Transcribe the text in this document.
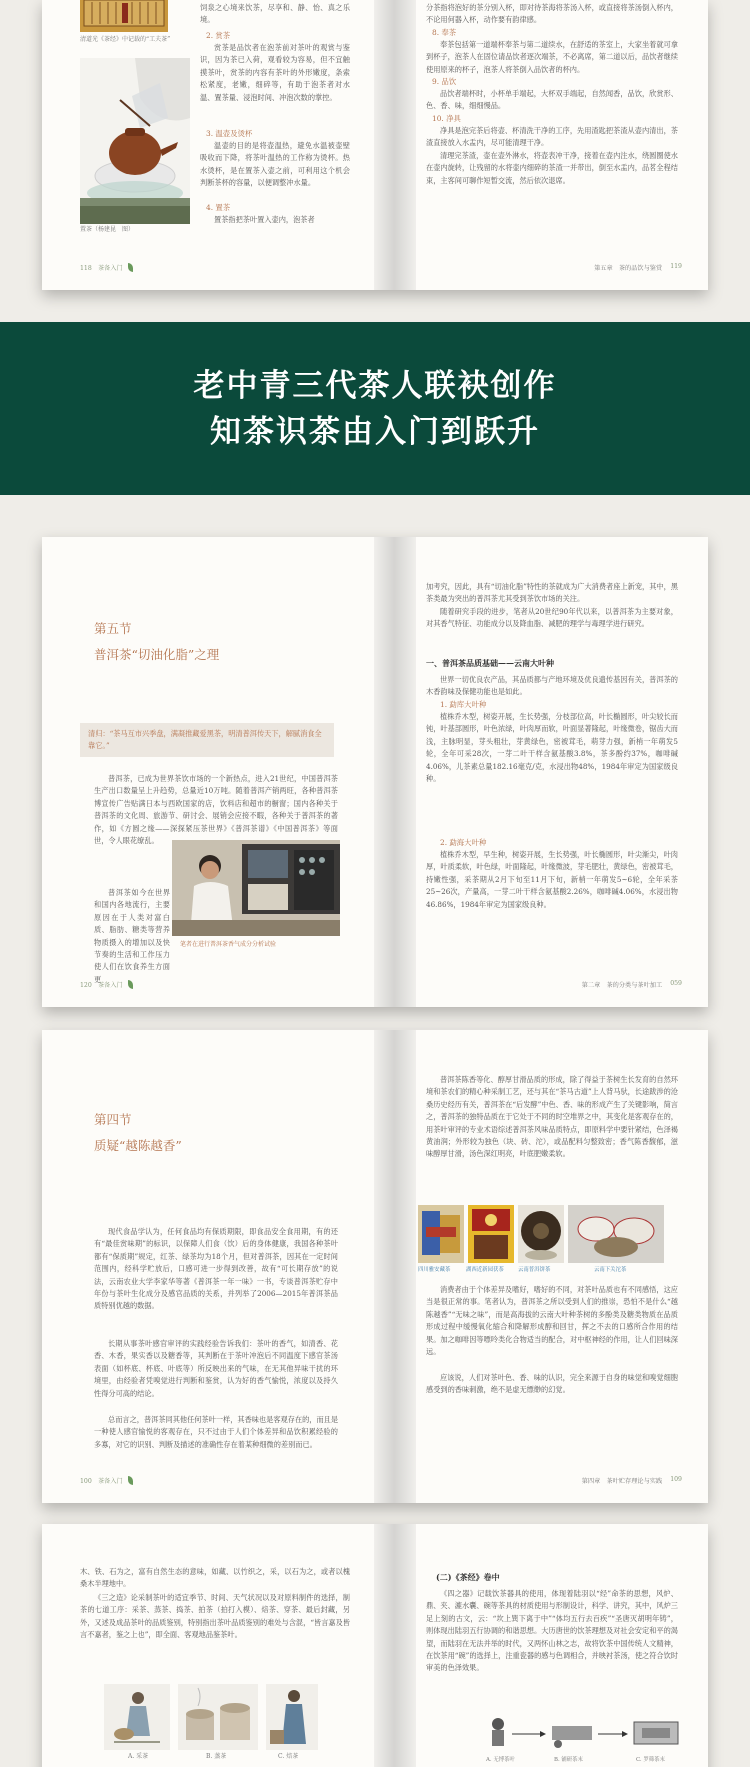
清道光《茶经》中记载的“工夫茶”
置茶（杨建昆　图）
饲泉之心境来饮茶，尽享和、静、怡、真之乐境。
2. 赏茶
赏茶是品饮者在泡茶前对茶叶的观赏与鉴识，因为茶已入荷，观看较为容易，但不宜触摸茶叶，赏茶的内容有茶叶的外形嫩度，条索松紧度，老嫩，细碎等，有助于泡茶者对水温、置茶量、浸泡时间、冲泡次数的掌控。
3. 温壶及烫杯
温壶的目的是将壶温热，避免水温被壶壁吸收而下降，将茶叶温热的工作称为烫杯。热水烫杯，是在置茶入壶之前，可利用这个机会判断茶杯的容量，以便调整冲水量。
4. 置茶
置茶指把茶叶置入壶内，泡茶者
118　茶备入门
分茶指将泡好的茶分别入杯，即对待茶海将茶汤入杯，或直接将茶汤倒入杯内，不论用何器入杯，动作要有韵律感。
8. 奉茶
奉茶包括第一道端杯奉茶与第二道续水，在舒适的茶室上，大家坐着就可拿到杯子，泡茶人在固位请品饮者逐次端茶，不必离席，第二道以后，品饮者继续使用原来的杯子，泡茶人将茶倒入品饮者的杯内。
9. 品饮
品饮者端杯时，小杯单手端起，大杯双手端起，自然闻香，品饮，欣赏形、色、香、味，细细慢品。
10. 净具
净具是泡完茶后将壶、杯清洗干净的工序，先用渣匙把茶渣从壶内清出，茶渣直接放入水盂内，尽可能清理干净。
清理完茶渣，壶在壶外淋水，将壶表冲干净，接着在壶内注水，绕圆圈使水在壶内旋转，让残留的水将壶内细碎的茶渣一并带出，倒至水盂内，品茗全程结束，主客间可聊作短暂交流，然后依次退席。
第五章　茶的品饮与鉴赏 119
老中青三代茶人联袂创作
知茶识茶由入门到跃升
第五节
普洱茶“切油化脂”之理
清归：“茶马互市兴季盘，满凝推藏爱黑茶，明清普洱传天下，解腻消食全靠它。”
普洱茶，已成为世界茶饮市场的一个新热点，进入21世纪，中国普洱茶生产出口数量呈上升趋势，总量近10万吨。随着普洱产销两旺，各种普洱茶博宣传广告贴满日本与西欧国家的店，饮料店和超市的橱窗；国内各种关于普洱茶的文化周、旅游节、研讨会、展销会应接不暇，各种关于普洱茶的著作，如《方圆之缘——深探紧压茶世界》《普洱茶谱》《中国普洱茶》等面世，令人眼花缭乱。
普洱茶如今在世界和国内各地流行，主要原因在于人类对富白质、脂肪、糖类等营养物质摄入的增加以及快节奏的生活和工作压力使人们在饮食养生方面更
笔者在进行普洱茶香气成分分析试验
120　茶备入门
加考究，因此，具有“切油化脂”特性的茶就成为广大消费者座上新宠，其中，黑茶类最为突出的普洱茶尤其受到茶饮市场的关注。
随着研究手段的进步，笔者从20世纪90年代以来，以普洱茶为主要对象，对其香气特征、功能成分以及降血脂、减肥的理学与毒理学进行研究。
一、普洱茶品质基础——云南大叶种
世界一切优良农产品，其品质都与产地环境及优良遗传基因有关，普洱茶的木香韵味及保健功能也是如此。
1. 勐库大叶种
植株乔木型，树姿开展，生长势强，分枝部位高，叶长椭圆形，叶尖较长而钝，叶基部圆形，叶色浓绿，叶肉厚而软，叶面显著隆起，叶缘微卷，锯齿大而浅，主脉明显，芽头粗壮，芽黄绿色，密被茸毛，萌芽力强，新梢一年萌发5轮，全年可采28次，一芽二叶干样含氨基酸3.8%，茶多酚约37%，咖啡碱4.06%，儿茶素总量182.16毫克/克，水浸出物48%，1984年审定为国家级良种。
2. 勐海大叶种
植株乔木型，早生种，树姿开展，生长势强，叶长椭圆形，叶尖渐尖，叶肉厚，叶质柔软，叶色绿，叶面隆起，叶缘微波，芽毛肥壮，黄绿色，密被茸毛，持嫩性强，采茶期从2月下旬至11月下旬，新梢一年萌发5~6轮，全年采茶25~26次，产量高，一芽二叶干样含氨基酸2.26%，咖啡碱4.06%，水浸出物46.86%，1984年审定为国家级良种。
第二章　茶的分类与茶叶加工 059
第四节
质疑“越陈越香”
现代食品学认为，任何食品均有保质期限，即食品安全食用期，有的还有“最佳赏味期”的标识，以保障人们食（饮）后的身体健康，我国各种茶叶都有“保质期”规定，红茶、绿茶均为18个月，但对普洱茶，因其在一定时间范围内，经科学贮放后，口感可进一步得到改善，故有“可长期存放”的说法，云南农业大学李家华等著《普洱茶一年一味》一书，专谈普洱茶贮存中年份与茶叶生化成分及感官品质的关系，并列举了2006—2015年普洱茶品质特别优越的数据。
长期从事茶叶感官审评的实践经验告诉我们：茶叶的香气，如清香、花香、木香，果实香以及糖香等，其判断在于茶叶冲泡后不同温度下感官茶汤表面（如杯底、杯底、叶底等）所反映出来的气味，在无其他异味干扰的环境里，由经验者凭嗅觉进行判断和鉴赏，认为好的香气愉悦，浓度以及持久性得分可高的结论。
总而言之，普洱茶同其他任何茶叶一样，其香味也是客观存在的，而且是一种使人感官愉悦的客观存在，只不过由于人们个体差异和品饮积累经验的多寡，对它的识别、判断及描述的准确性存在着某种细微的差别而已。
100　茶备入门
普洱茶陈香等化、醇厚甘滑品质的形成，除了得益于茶树生长发育的自然环境和茶农们的精心种采制工艺，还与其在“茶马古道”上人背马驮，长途跋涉的沧桑历史经历有关，普洱茶在“后发酵”中色、香、味的形成产生了关键影响，简言之，普洱茶的独特品质在于它处于不同的时空堆界之中，其变化是客观存在的，用茶叶审评的专业术语综述普洱茶风味品质特点，即原料学中要针紧结，色泽褐黄油润；外形较为独色（块、砖、沱），或品配料匀整致密；香气陈香馥郁，滋味醇厚甘滑，汤色深红明亮，叶底肥嫩柔软。
四川雅安藏茶	湖西近新园茯茶	云南普洱饼茶	云南下关沱茶
消费者由于个体差异及嗜好，嗜好的不同，对茶叶品质也有不同感悟，这应当是很正常的事。笔者认为，普洱茶之所以受到人们的推崇，恐怕不是什么“越陈越香”“无味之味”，而是高海拔的云南大叶种茶树的多酚类及糖类物质在品质形成过程中缓慢氧化缩合和降解形成醇和回甘，挥之不去的口感所合作用的结果。加之咖啡因等嘌呤类化合物适当的配合，对中枢神经的作用，让人们回味深远。
应该说，人们对茶叶色、香、味的认识，完全来源于自身的味觉和嗅觉细胞感受到的香味刺激，绝不是虚无缥缈的幻觉。
第四章　茶叶贮存理论与实践 109
木、铁、石为之，富有自然生态的意味，如藏、以竹织之，采，以石为之，或者以槐桑木半埋地中。
《三之造》论采制茶叶的适宜季节、时间、天气状况以及对原料制件的选择，制茶的七道工序：采茶、蒸茶、捣茶、拍茶（拍打入模）、焙茶、穿茶、最后封藏，另外，又述及成品茶叶的品质鉴别，特别指出茶叶品质鉴别的难处与含混，“皆言嘉及皆言不嘉者，鉴之上也”，即全面、客观地品鉴茶叶。
A. 采茶	B. 蒸茶	C. 焙茶
(二)《茶经》卷中
《四之器》记载饮茶器具的使用，体现着陆羽以“经”命茶的思想，风炉、鼎、夹、漉水囊、碗等茶具的材质使用与形制设计，科学、讲究，其中，风炉三足上刻的古文，云：“坎上巽下离于中”“体均五行去百疾”“圣唐灭胡明年铸”，则体现出陆羽五行协调的和谐思想。大历唐世的饮茶理想及对社会安定和平的渴望，而陆羽在无法并举的时代，又两怀山林之志，故将饮茶中国传统人文精神，在饮茶用“碗”的选择上，注重瓷器的感与色调相合，并映衬茶汤，使之符合饮时审美的色泽效果。
A. 无博茶叶	B. 铺研茶末	C. 罗筛茶末
